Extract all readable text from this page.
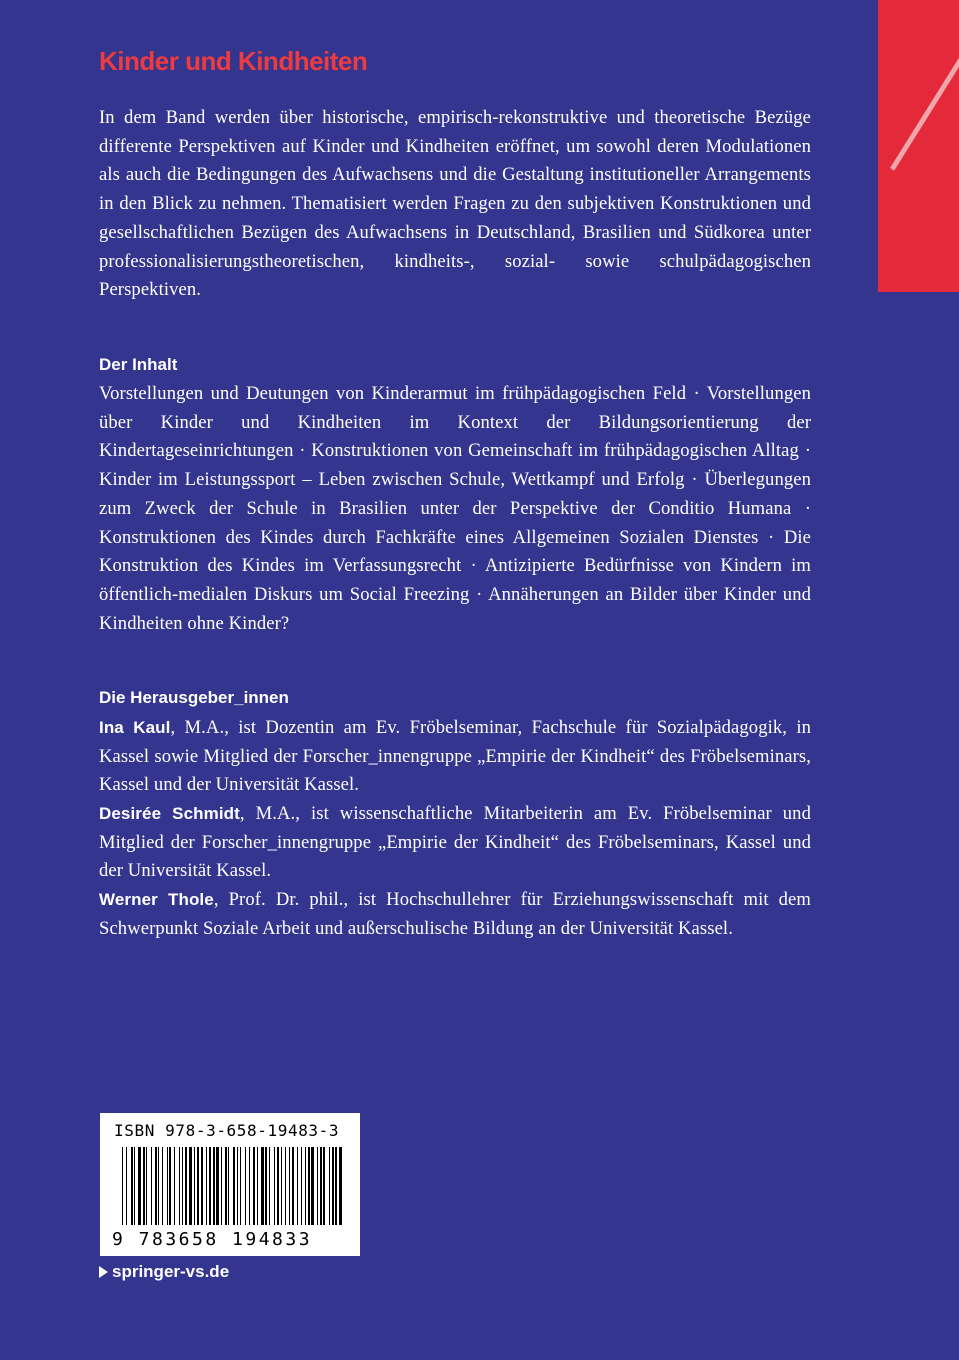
Kinder und Kindheiten
In dem Band werden über historische, empirisch-rekonstruktive und theoretische Bezüge differente Perspektiven auf Kinder und Kindheiten eröffnet, um sowohl deren Modulationen als auch die Bedingungen des Aufwachsens und die Gestaltung institutioneller Arrangements in den Blick zu nehmen. Thematisiert werden Fragen zu den subjektiven Konstruktionen und gesellschaftlichen Bezügen des Aufwachsens in Deutschland, Brasilien und Südkorea unter professionalisierungstheoretischen, kindheits-, sozial- sowie schulpädagogischen Perspektiven.
Der Inhalt
Vorstellungen und Deutungen von Kinderarmut im frühpädagogischen Feld · Vorstellungen über Kinder und Kindheiten im Kontext der Bildungsorientierung der Kindertageseinrichtungen · Konstruktionen von Gemeinschaft im frühpädagogischen Alltag · Kinder im Leistungssport – Leben zwischen Schule, Wettkampf und Erfolg · Überlegungen zum Zweck der Schule in Brasilien unter der Perspektive der Conditio Humana · Konstruktionen des Kindes durch Fachkräfte eines Allgemeinen Sozialen Dienstes · Die Konstruktion des Kindes im Verfassungsrecht · Antizipierte Bedürfnisse von Kindern im öffentlich-medialen Diskurs um Social Freezing · Annäherungen an Bilder über Kinder und Kindheiten ohne Kinder?
Die Herausgeber_innen
Ina Kaul, M.A., ist Dozentin am Ev. Fröbelseminar, Fachschule für Sozialpädagogik, in Kassel sowie Mitglied der Forscher_innengruppe „Empirie der Kindheit“ des Fröbelseminars, Kassel und der Universität Kassel.
Desirée Schmidt, M.A., ist wissenschaftliche Mitarbeiterin am Ev. Fröbelseminar und Mitglied der Forscher_innengruppe „Empirie der Kindheit“ des Fröbelseminars, Kassel und der Universität Kassel.
Werner Thole, Prof. Dr. phil., ist Hochschullehrer für Erziehungswissenschaft mit dem Schwerpunkt Soziale Arbeit und außerschulische Bildung an der Universität Kassel.
ISBN 978-3-658-19483-3
9 783658 194833
springer-vs.de
